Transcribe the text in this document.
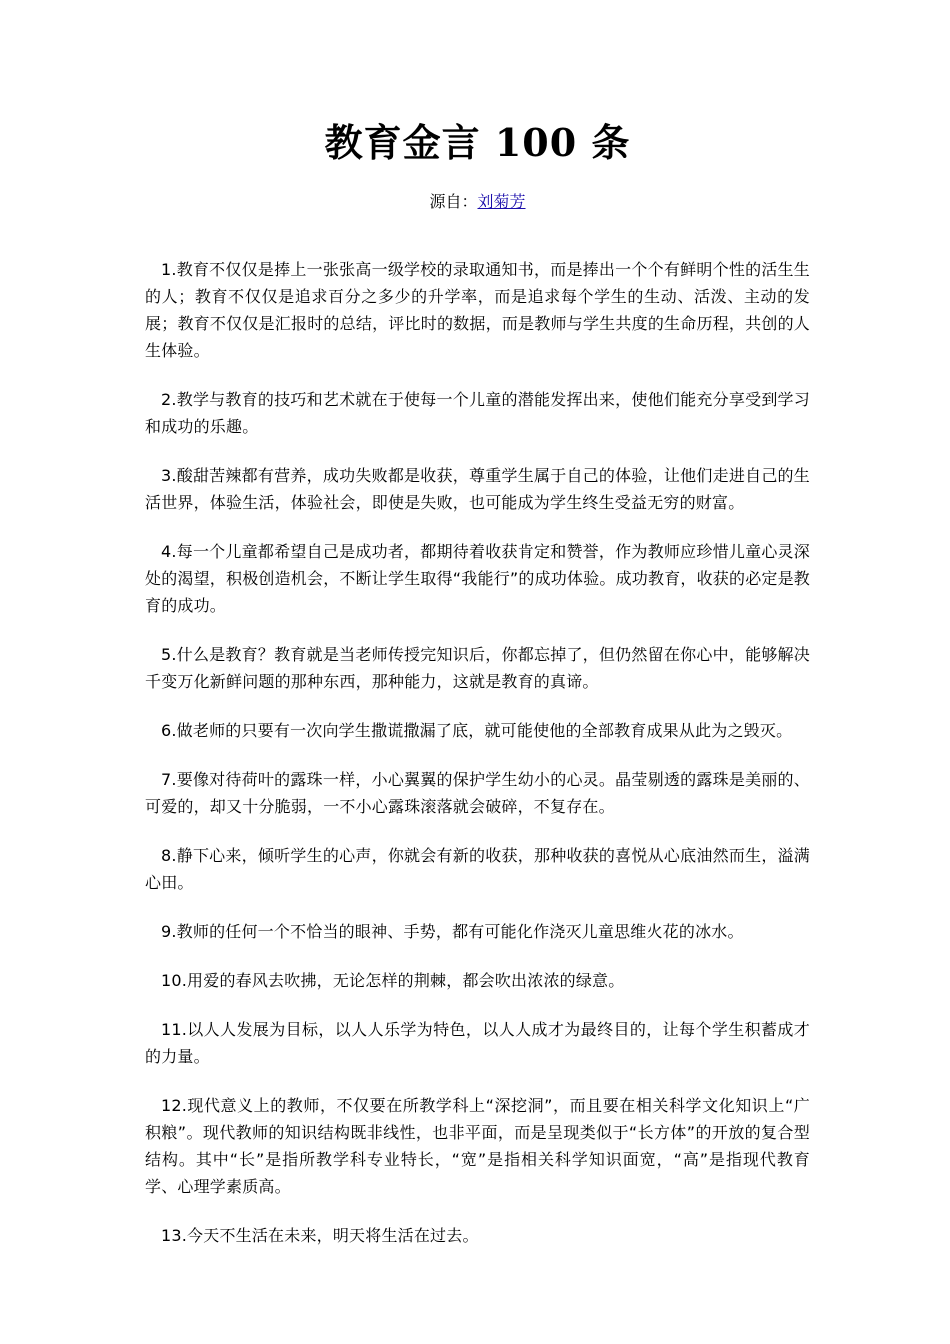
教育金言 100 条

源自：刘菊芳

1.教育不仅仅是捧上一张张高一级学校的录取通知书，而是捧出一个个有鲜明个性的活生生的人；教育不仅仅是追求百分之多少的升学率，而是追求每个学生的生动、活泼、主动的发展；教育不仅仅是汇报时的总结，评比时的数据，而是教师与学生共度的生命历程，共创的人生体验。

2.教学与教育的技巧和艺术就在于使每一个儿童的潜能发挥出来，使他们能充分享受到学习和成功的乐趣。

3.酸甜苦辣都有营养，成功失败都是收获，尊重学生属于自己的体验，让他们走进自己的生活世界，体验生活，体验社会，即使是失败，也可能成为学生终生受益无穷的财富。

4.每一个儿童都希望自己是成功者，都期待着收获肯定和赞誉，作为教师应珍惜儿童心灵深处的渴望，积极创造机会，不断让学生取得“我能行”的成功体验。成功教育，收获的必定是教育的成功。

5.什么是教育？教育就是当老师传授完知识后，你都忘掉了，但仍然留在你心中，能够解决千变万化新鲜问题的那种东西，那种能力，这就是教育的真谛。

6.做老师的只要有一次向学生撒谎撒漏了底，就可能使他的全部教育成果从此为之毁灭。

7.要像对待荷叶的露珠一样，小心翼翼的保护学生幼小的心灵。晶莹剔透的露珠是美丽的、可爱的，却又十分脆弱，一不小心露珠滚落就会破碎，不复存在。

8.静下心来，倾听学生的心声，你就会有新的收获，那种收获的喜悦从心底油然而生，溢满心田。

9.教师的任何一个不恰当的眼神、手势，都有可能化作浇灭儿童思维火花的冰水。

10.用爱的春风去吹拂，无论怎样的荆棘，都会吹出浓浓的绿意。

11.以人人发展为目标，以人人乐学为特色，以人人成才为最终目的，让每个学生积蓄成才的力量。

12.现代意义上的教师，不仅要在所教学科上“深挖洞”，而且要在相关科学文化知识上“广积粮”。现代教师的知识结构既非线性，也非平面，而是呈现类似于“长方体”的开放的复合型结构。其中“长”是指所教学科专业特长，“宽”是指相关科学知识面宽，“高”是指现代教育学、心理学素质高。

13.今天不生活在未来，明天将生活在过去。
